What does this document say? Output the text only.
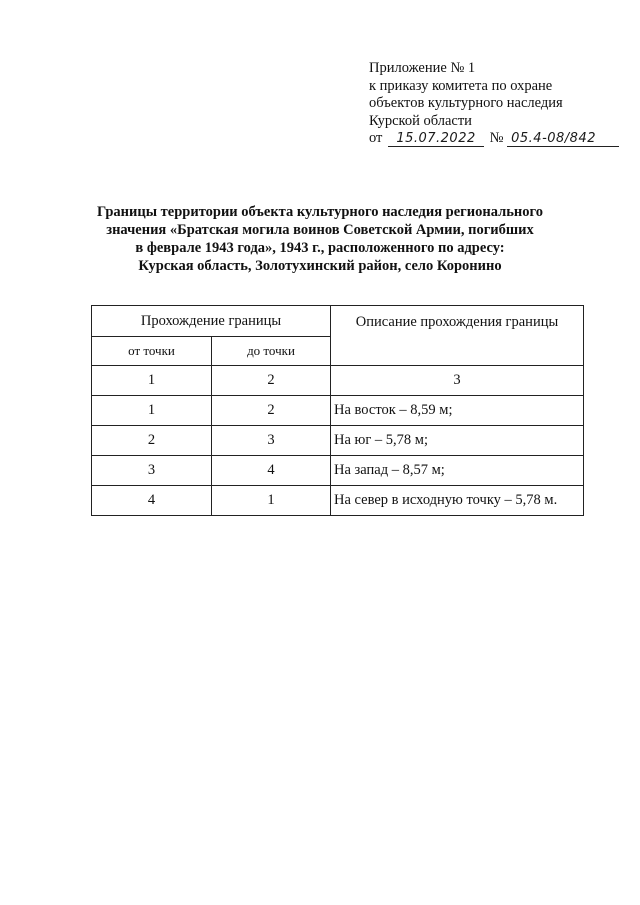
Приложение № 1
к приказу комитета по охране
объектов культурного наследия
Курской области
от 15.07.2022 № 05.4-08/842
Границы территории объекта культурного наследия регионального
значения «Братская могила воинов Советской Армии, погибших
в феврале 1943 года», 1943 г., расположенного по адресу:
Курская область, Золотухинский район, село Коронино
Прохождение границы		Описание прохождения границы
от точки	до точки	
1	2	3
1	2	На восток – 8,59 м;
2	3	На юг – 5,78 м;
3	4	На запад – 8,57 м;
4	1	На север в исходную точку – 5,78 м.
